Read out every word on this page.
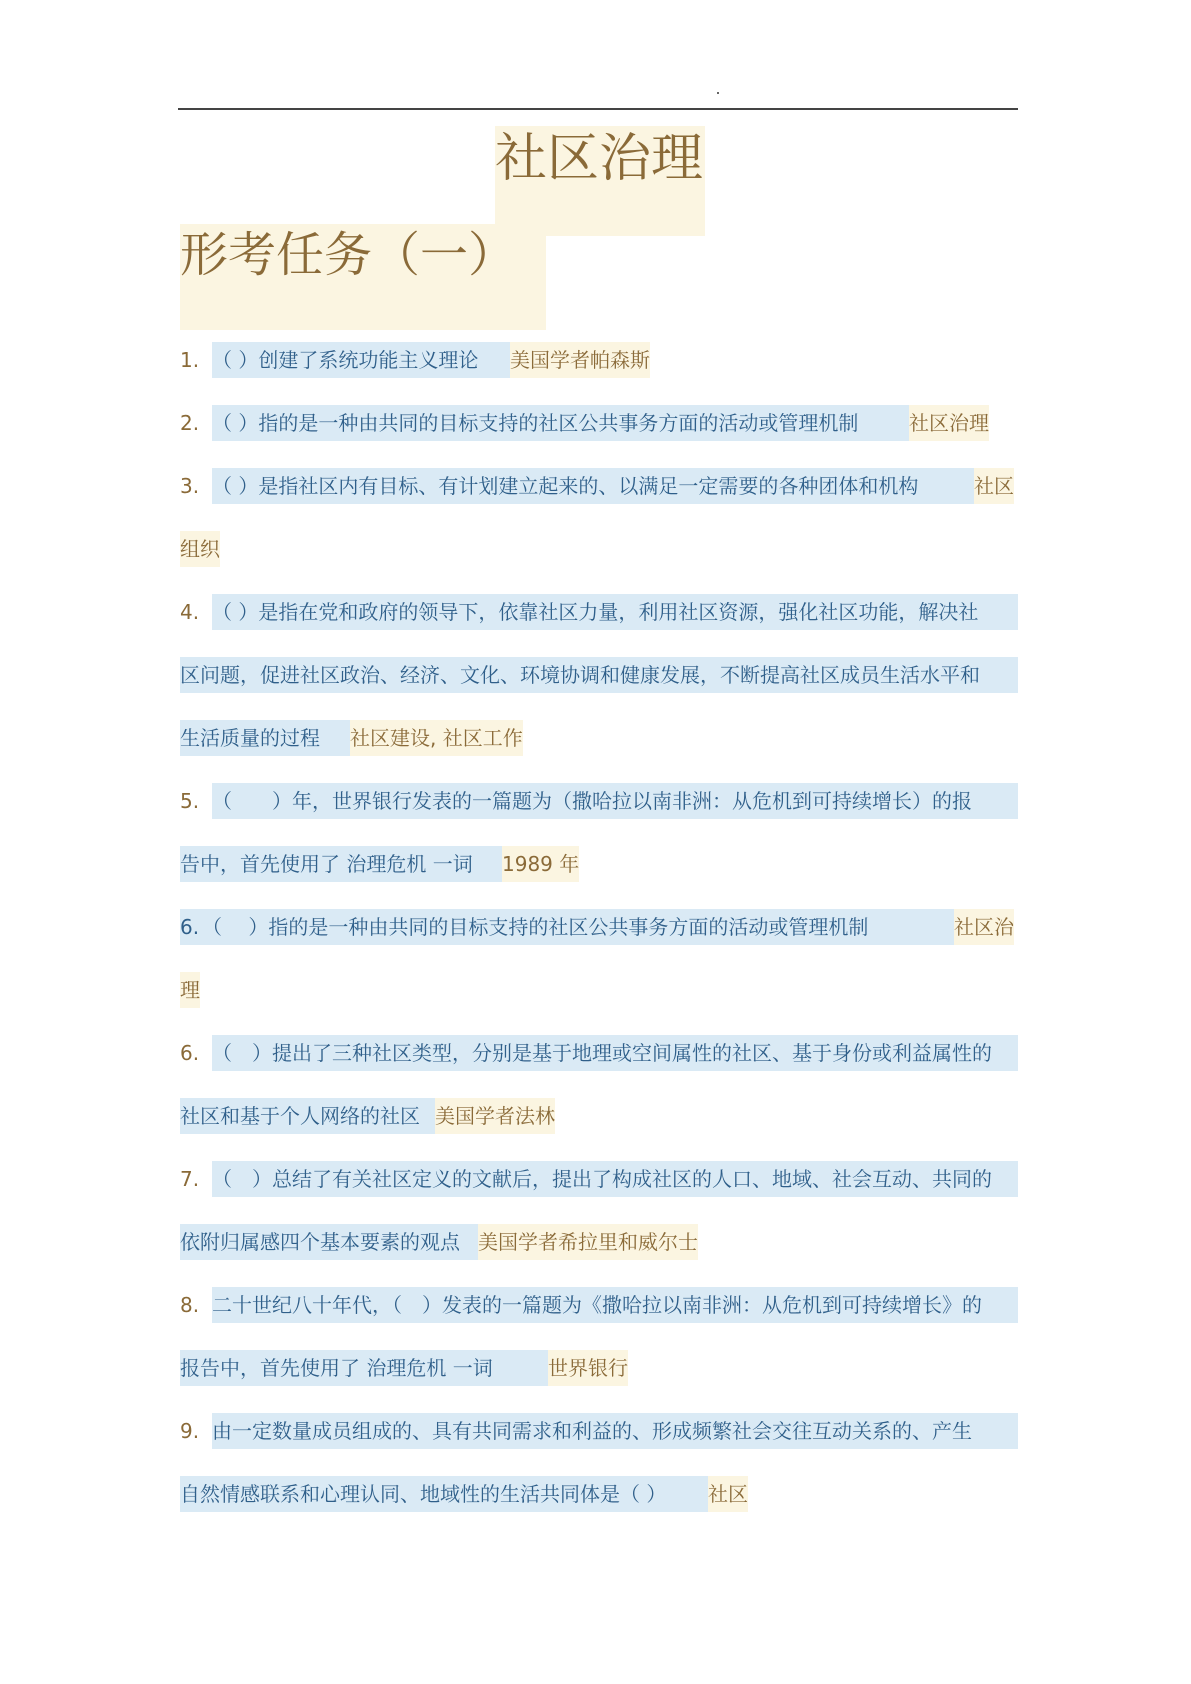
社区治理
形考任务（一）
1. （ ）创建了系统功能主义理论 美国学者帕森斯
2. （ ）指的是一种由共同的目标支持的社区公共事务方面的活动或管理机制	社区治理
3. （ ）是指社区内有目标、有计划建立起来的、以满足一定需要的各种团体和机构	社区
组织
4. （ ）是指在党和政府的领导下，依靠社区力量，利用社区资源，强化社区功能，解决社
区问题，促进社区政治、经济、文化、环境协调和健康发展，不断提高社区成员生活水平和
生活质量的过程 社区建设, 社区工作
5. （　　）年，世界银行发表的一篇题为（撒哈拉以南非洲：从危机到可持续增长）的报
告中，首先使用了 治理危机 一词 1989 年
6. （　 ）指的是一种由共同的目标支持的社区公共事务方面的活动或管理机制	社区治
理
6. （　）提出了三种社区类型，分别是基于地理或空间属性的社区、基于身份或利益属性的
社区和基于个人网络的社区 美国学者法林
7. （　）总结了有关社区定义的文献后，提出了构成社区的人口、地域、社会互动、共同的
依附归属感四个基本要素的观点 美国学者希拉里和威尔士
8. 二十世纪八十年代，（　）发表的一篇题为《撒哈拉以南非洲：从危机到可持续增长》的
报告中，首先使用了 治理危机 一词	世界银行
9. 由一定数量成员组成的、具有共同需求和利益的、形成频繁社会交往互动关系的、产生
自然情感联系和心理认同、地域性的生活共同体是（ ） 社区
